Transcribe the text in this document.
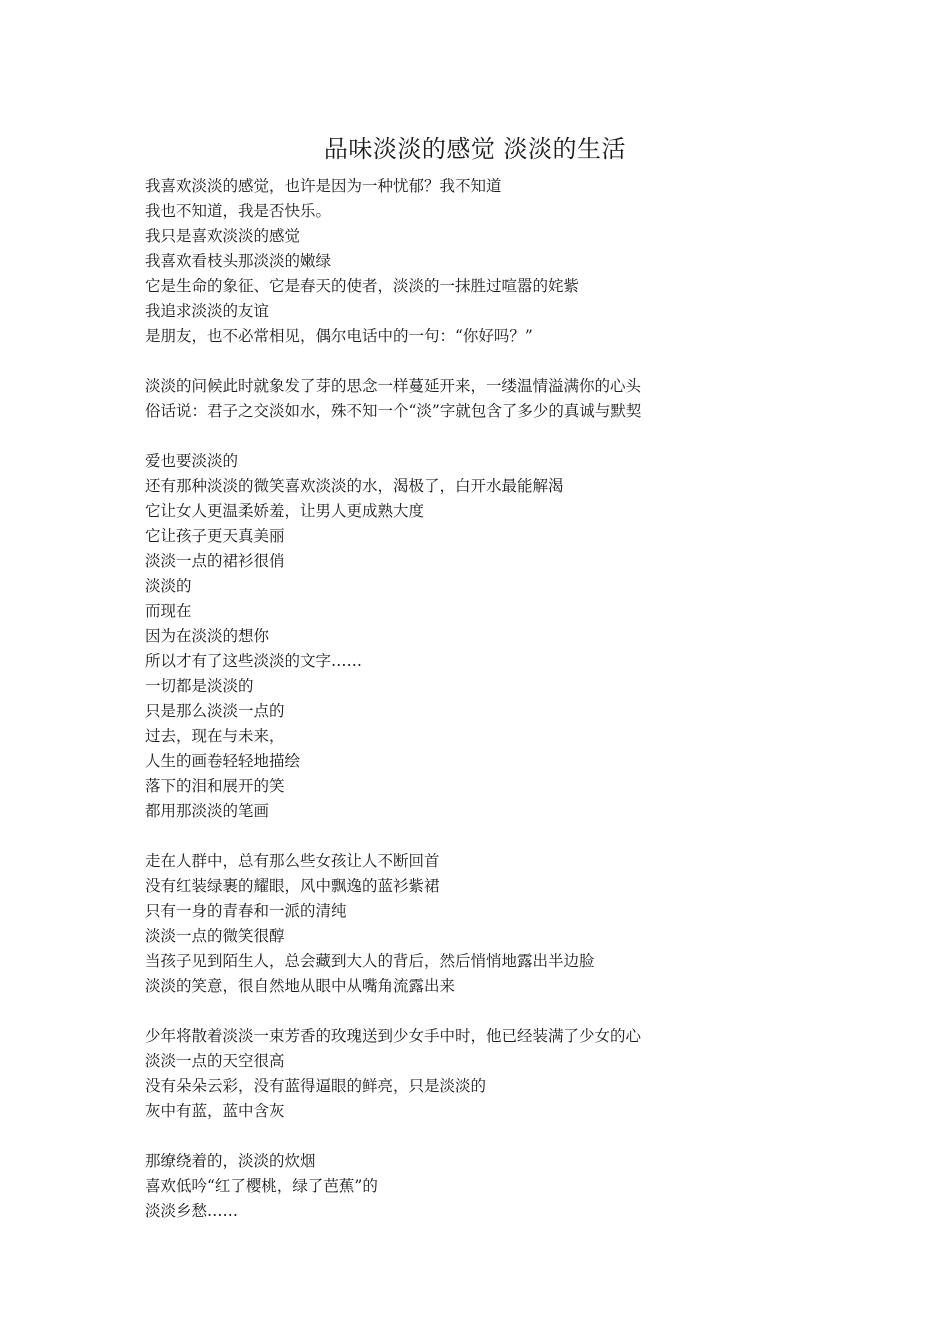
品味淡淡的感觉 淡淡的生活
我喜欢淡淡的感觉，也许是因为一种忧郁？我不知道
我也不知道，我是否快乐。
我只是喜欢淡淡的感觉
我喜欢看枝头那淡淡的嫩绿
它是生命的象征、它是春天的使者，淡淡的一抹胜过喧嚣的姹紫
我追求淡淡的友谊
是朋友，也不必常相见，偶尔电话中的一句：“你好吗？”
淡淡的问候此时就象发了芽的思念一样蔓延开来，一缕温情溢满你的心头
俗话说：君子之交淡如水，殊不知一个“淡”字就包含了多少的真诚与默契
爱也要淡淡的
还有那种淡淡的微笑喜欢淡淡的水，渴极了，白开水最能解渴
它让女人更温柔娇羞，让男人更成熟大度
它让孩子更天真美丽
淡淡一点的裙衫很俏
淡淡的
而现在
因为在淡淡的想你
所以才有了这些淡淡的文字……
一切都是淡淡的
只是那么淡淡一点的
过去，现在与未来，
人生的画卷轻轻地描绘
落下的泪和展开的笑
都用那淡淡的笔画
走在人群中，总有那么些女孩让人不断回首
没有红装绿裹的耀眼，风中飘逸的蓝衫紫裙
只有一身的青春和一派的清纯
淡淡一点的微笑很醇
当孩子见到陌生人，总会藏到大人的背后，然后悄悄地露出半边脸
淡淡的笑意，很自然地从眼中从嘴角流露出来
少年将散着淡淡一束芳香的玫瑰送到少女手中时，他已经装满了少女的心
淡淡一点的天空很高
没有朵朵云彩，没有蓝得逼眼的鲜亮，只是淡淡的
灰中有蓝，蓝中含灰
那缭绕着的，淡淡的炊烟
喜欢低吟“红了樱桃，绿了芭蕉”的
淡淡乡愁……
